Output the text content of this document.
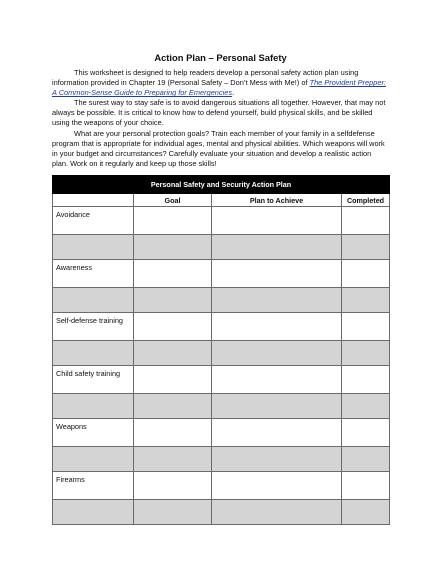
Action Plan – Personal Safety

This worksheet is designed to help readers develop a personal safety action plan using information provided in Chapter 19 (Personal Safety – Don’t Mess with Me!) of The Provident Prepper: A Common-Sense Guide to Preparing for Emergencies.

The surest way to stay safe is to avoid dangerous situations all together. However, that may not always be possible. It is critical to know how to defend yourself, build physical skills, and be skilled using the weapons of your choice.

What are your personal protection goals? Train each member of your family in a selfdefense program that is appropriate for individual ages, mental and physical abilities. Which weapons will work in your budget and circumstances? Carefully evaluate your situation and develop a realistic action plan. Work on it regularly and keep up those skills!

Personal Safety and Security Action Plan			
	Goal	Plan to Achieve	Completed
Avoidance			

Awareness			

Self-defense training			

Child safety training			

Weapons			

Firearms			
